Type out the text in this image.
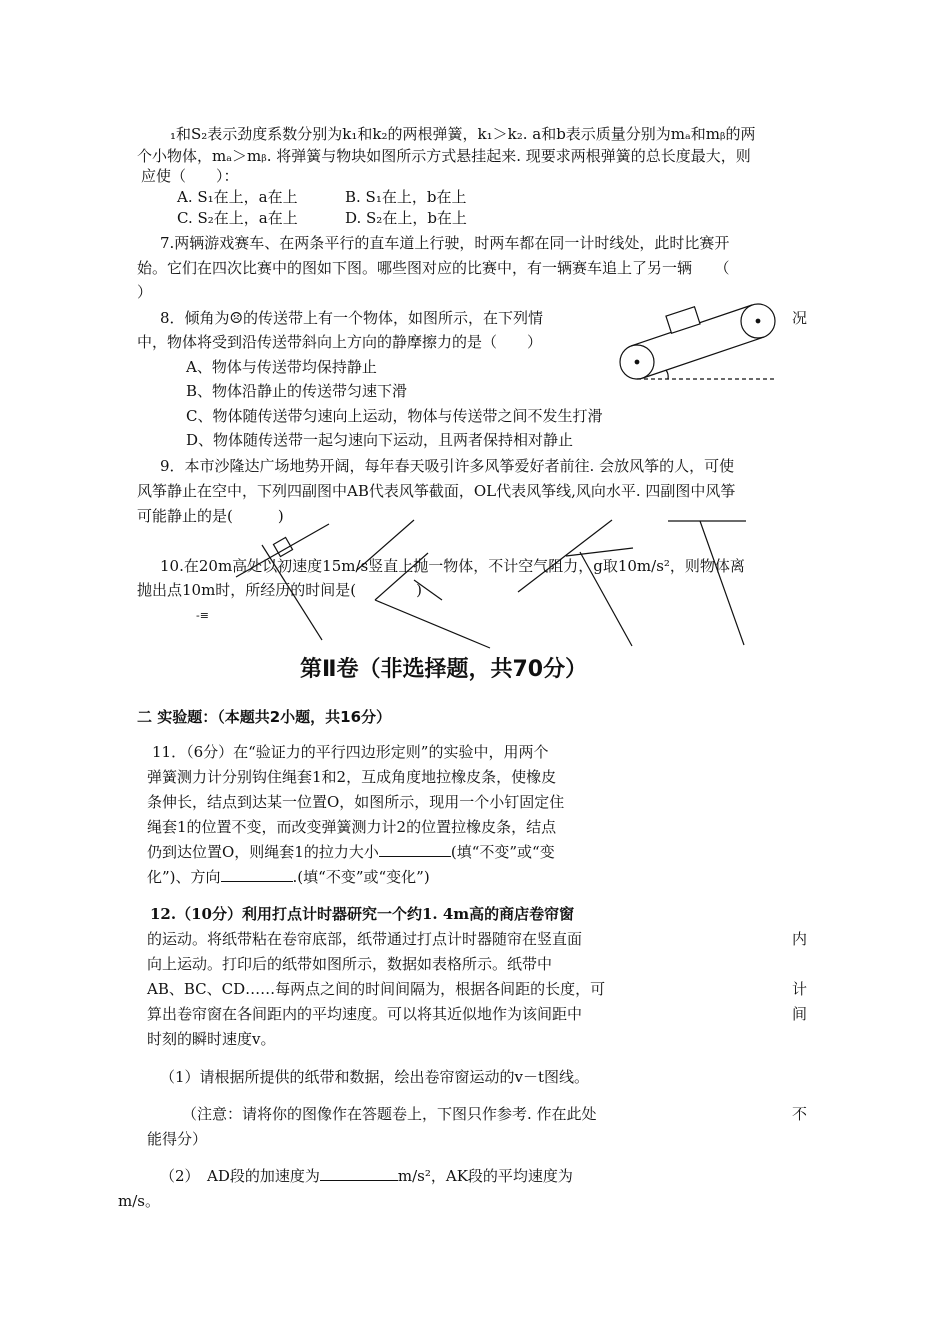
₁和S₂表示劲度系数分别为k₁和k₂的两根弹簧，k₁＞k₂. a和b表示质量分别为mₐ和mᵦ的两
个小物体，mₐ＞mᵦ. 将弹簧与物块如图所示方式悬挂起来. 现要求两根弹簧的总长度最大，则
应使（　　）：
A. S₁在上，a在上	B. S₁在上，b在上
C. S₂在上，a在上	D. S₂在上，b在上
7.两辆游戏赛车、在两条平行的直车道上行驶，时两车都在同一计时线处，此时比赛开
始。它们在四次比赛中的图如下图。哪些图对应的比赛中，有一辆赛车追上了另一辆　　（
）
8．倾角为☹的传送带上有一个物体，如图所示，在下列情	况
中，物体将受到沿传送带斜向上方向的静摩擦力的是（　　）
A、物体与传送带均保持静止
B、物体沿静止的传送带匀速下滑
C、物体随传送带匀速向上运动，物体与传送带之间不发生打滑
D、物体随传送带一起匀速向下运动，且两者保持相对静止
9．本市沙隆达广场地势开阔，每年春天吸引许多风筝爱好者前往. 会放风筝的人，可使
风筝静止在空中，下列四副图中AB代表风筝截面，OL代表风筝线,风向水平. 四副图中风筝
可能静止的是(　　　)
10.在20m高处以初速度15m/s竖直上抛一物体，不计空气阻力，g取10m/s²，则物体离
抛出点10m时，所经历的时间是(　　　　)
-≡
第Ⅱ卷（非选择题，共70分）
二 实验题：（本题共2小题，共16分）
11．（6分）在“验证力的平行四边形定则”的实验中，用两个
弹簧测力计分别钩住绳套1和2，互成角度地拉橡皮条，使橡皮
条伸长，结点到达某一位置O，如图所示，现用一个小钉固定住
绳套1的位置不变，而改变弹簧测力计2的位置拉橡皮条，结点
仍到达位置O，则绳套1的拉力大小	(填“不变”或“变
化”)、方向	.(填“不变”或“变化”)
12.（10分）利用打点计时器研究一个约1. 4m高的商店卷帘窗
的运动。将纸带粘在卷帘底部，纸带通过打点计时器随帘在竖直面	内
向上运动。打印后的纸带如图所示，数据如表格所示。纸带中
AB、BC、CD……每两点之间的时间间隔为，根据各间距的长度，可	计
算出卷帘窗在各间距内的平均速度。可以将其近似地作为该间距中	间
时刻的瞬时速度v。
（1）请根据所提供的纸带和数据，绘出卷帘窗运动的v－t图线。
（注意：请将你的图像作在答题卷上，下图只作参考. 作在此处	不
能得分）
（2）　AD段的加速度为	m/s²，AK段的平均速度为
m/s。
